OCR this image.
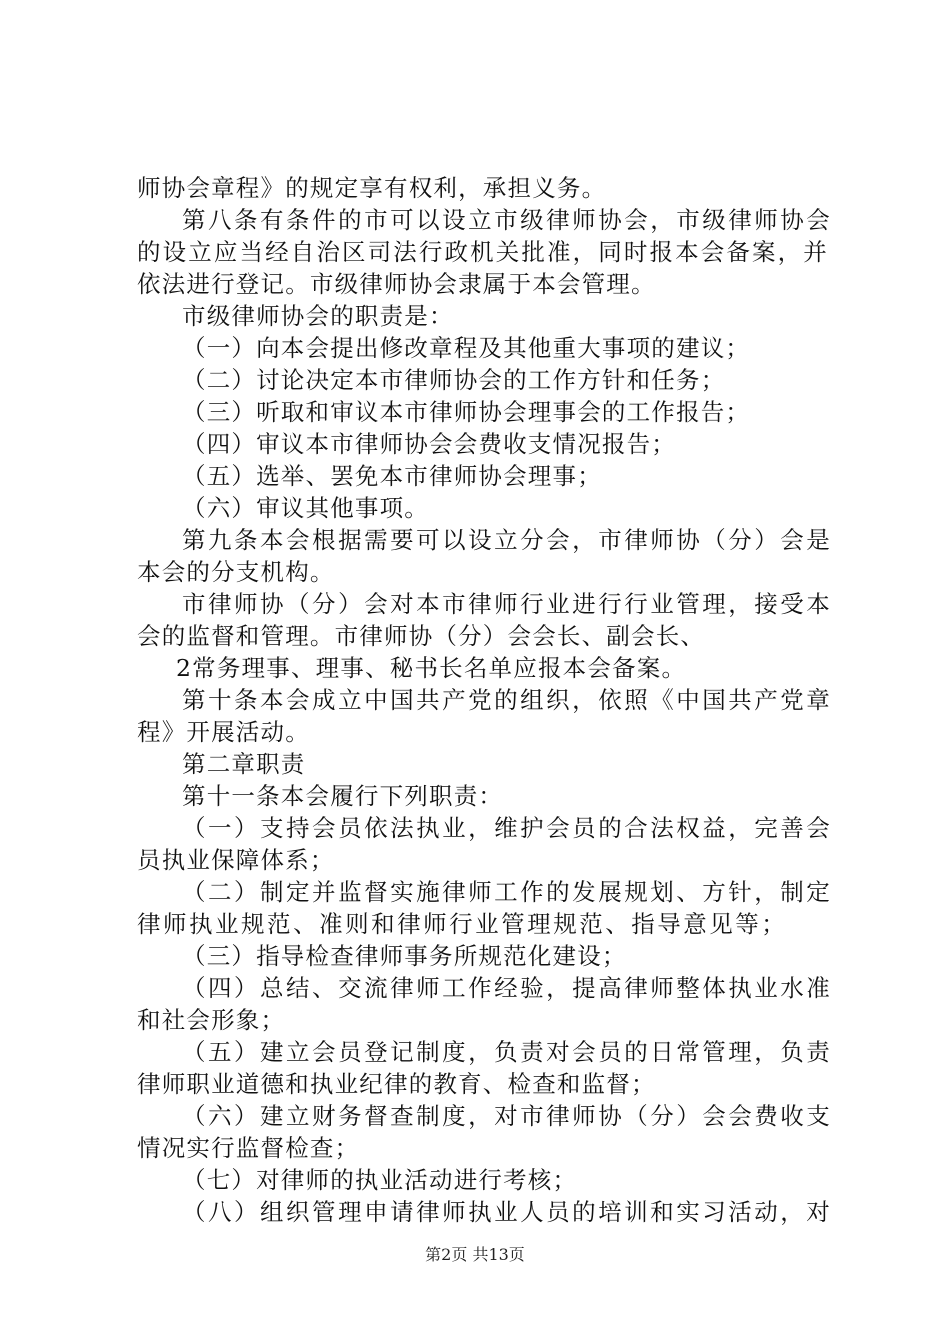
师协会章程》的规定享有权利，承担义务。
第八条有条件的市可以设立市级律师协会，市级律师协会
的设立应当经自治区司法行政机关批准，同时报本会备案，并
依法进行登记。市级律师协会隶属于本会管理。
市级律师协会的职责是：
（一）向本会提出修改章程及其他重大事项的建议；
（二）讨论决定本市律师协会的工作方针和任务；
（三）听取和审议本市律师协会理事会的工作报告；
（四）审议本市律师协会会费收支情况报告；
（五）选举、罢免本市律师协会理事；
（六）审议其他事项。
第九条本会根据需要可以设立分会，市律师协（分）会是
本会的分支机构。
市律师协（分）会对本市律师行业进行行业管理，接受本
会的监督和管理。市律师协（分）会会长、副会长、
2常务理事、理事、秘书长名单应报本会备案。
第十条本会成立中国共产党的组织，依照《中国共产党章
程》开展活动。
第二章职责
第十一条本会履行下列职责：
（一）支持会员依法执业，维护会员的合法权益，完善会
员执业保障体系；
（二）制定并监督实施律师工作的发展规划、方针，制定
律师执业规范、准则和律师行业管理规范、指导意见等；
（三）指导检查律师事务所规范化建设；
（四）总结、交流律师工作经验，提高律师整体执业水准
和社会形象；
（五）建立会员登记制度，负责对会员的日常管理，负责
律师职业道德和执业纪律的教育、检查和监督；
（六）建立财务督查制度，对市律师协（分）会会费收支
情况实行监督检查；
（七）对律师的执业活动进行考核；
（八）组织管理申请律师执业人员的培训和实习活动，对
第2页 共13页
